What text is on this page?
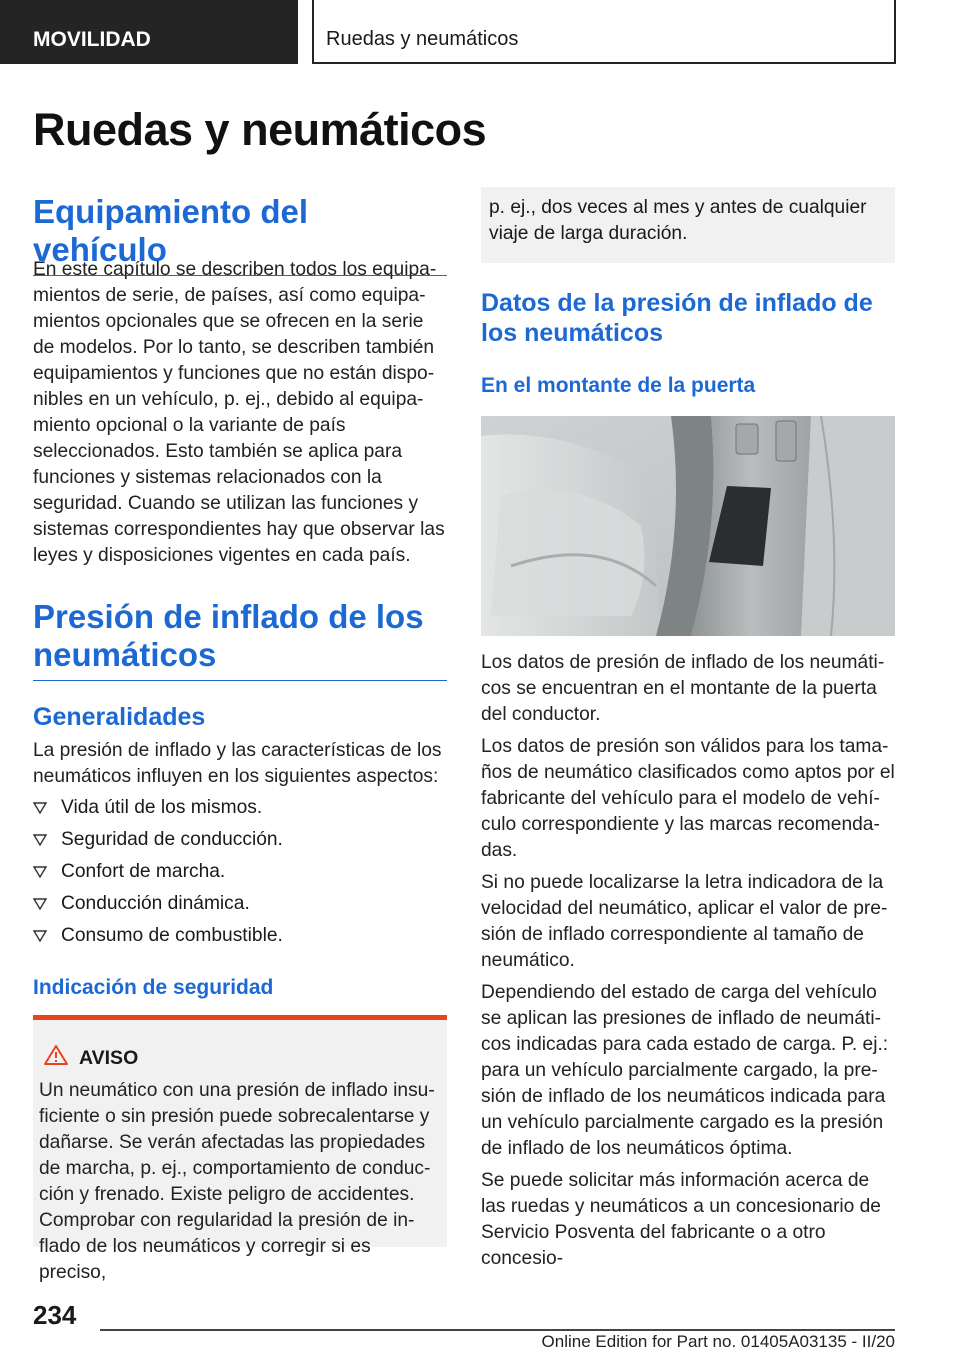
MOVILIDAD	Ruedas y neumáticos
Ruedas y neumáticos
Equipamiento del vehículo
En este capítulo se describen todos los equipamientos de serie, de países, así como equipamientos opcionales que se ofrecen en la serie de modelos. Por lo tanto, se describen también equipamientos y funciones que no están disponibles en un vehículo, p. ej., debido al equipamiento opcional o la variante de país seleccionados. Esto también se aplica para funciones y sistemas relacionados con la seguridad. Cuando se utilizan las funciones y sistemas correspondientes hay que observar las leyes y disposiciones vigentes en cada país.
Presión de inflado de los neumáticos
Generalidades
La presión de inflado y las características de los neumáticos influyen en los siguientes aspectos:
Vida útil de los mismos.
Seguridad de conducción.
Confort de marcha.
Conducción dinámica.
Consumo de combustible.
Indicación de seguridad
AVISO
Un neumático con una presión de inflado insuficiente o sin presión puede sobrecalentarse y dañarse. Se verán afectadas las propiedades de marcha, p. ej., comportamiento de conducción y frenado. Existe peligro de accidentes. Comprobar con regularidad la presión de inflado de los neumáticos y corregir si es preciso,
p. ej., dos veces al mes y antes de cualquier viaje de larga duración.
Datos de la presión de inflado de los neumáticos
En el montante de la puerta

Los datos de presión de inflado de los neumáticos se encuentran en el montante de la puerta del conductor.

Los datos de presión son válidos para los tamaños de neumático clasificados como aptos por el fabricante del vehículo para el modelo de vehículo correspondiente y las marcas recomendadas.

Si no puede localizarse la letra indicadora de la velocidad del neumático, aplicar el valor de presión de inflado correspondiente al tamaño de neumático.

Dependiendo del estado de carga del vehículo se aplican las presiones de inflado de neumáticos indicadas para cada estado de carga. P. ej.: para un vehículo parcialmente cargado, la presión de inflado de los neumáticos indicada para un vehículo parcialmente cargado es la presión de inflado de los neumáticos óptima.

Se puede solicitar más información acerca de las ruedas y neumáticos a un concesionario de Servicio Posventa del fabricante o a otro concesio-

234
Online Edition for Part no. 01405A03135 - II/20
